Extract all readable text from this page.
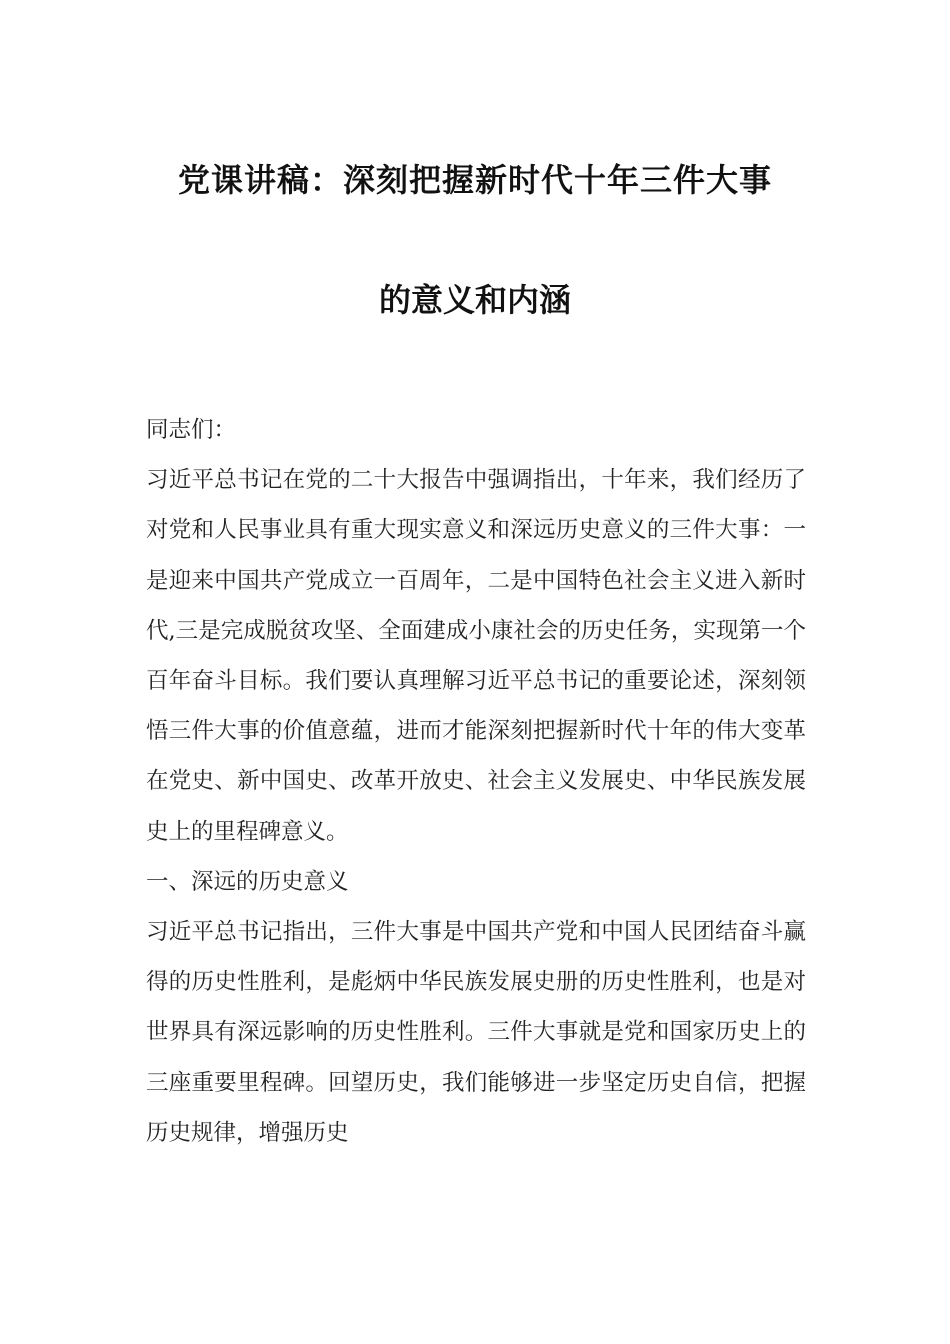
党课讲稿：深刻把握新时代十年三件大事
的意义和内涵

同志们：

习近平总书记在党的二十大报告中强调指出，十年来，我们经历了对党和人民事业具有重大现实意义和深远历史意义的三件大事：一是迎来中国共产党成立一百周年，二是中国特色社会主义进入新时代,三是完成脱贫攻坚、全面建成小康社会的历史任务，实现第一个百年奋斗目标。我们要认真理解习近平总书记的重要论述，深刻领悟三件大事的价值意蕴，进而才能深刻把握新时代十年的伟大变革在党史、新中国史、改革开放史、社会主义发展史、中华民族发展史上的里程碑意义。

一、深远的历史意义

习近平总书记指出，三件大事是中国共产党和中国人民团结奋斗赢得的历史性胜利，是彪炳中华民族发展史册的历史性胜利，也是对世界具有深远影响的历史性胜利。三件大事就是党和国家历史上的三座重要里程碑。回望历史，我们能够进一步坚定历史自信，把握历史规律，增强历史
